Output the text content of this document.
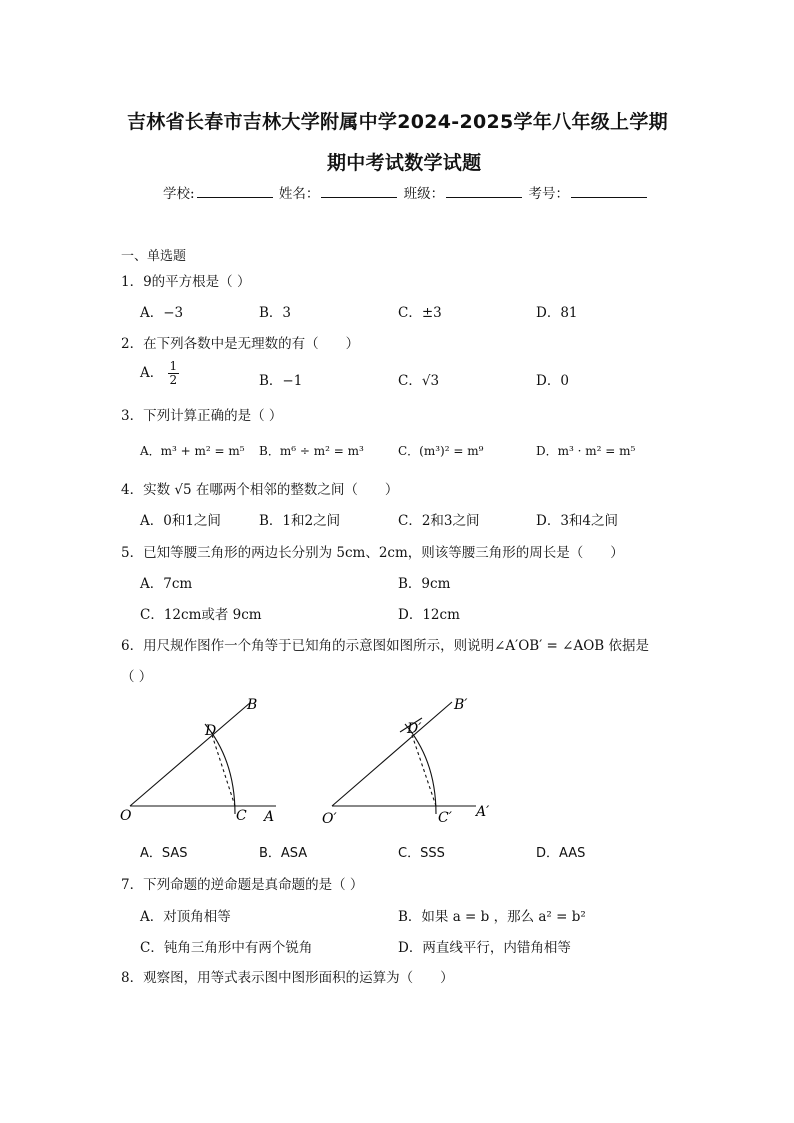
吉林省长春市吉林大学附属中学2024-2025学年八年级上学期
期中考试数学试题
学校:	姓名：	班级：	考号：
一、单选题
1．9的平方根是（ ）
A．−3	B．3	C．±3	D．81
2．在下列各数中是无理数的有（　　）
A． $\frac{1}{2}$	B．−1	C．√3	D．0
3．下列计算正确的是（ ）
A．m³ + m² = m⁵ B．m⁶ ÷ m² = m³	C．(m³)² = m⁹	D．m³ · m² = m⁵
4．实数 √5 在哪两个相邻的整数之间（　　）
A．0和1之间	B．1和2之间	C．2和3之间	D．3和4之间
5．已知等腰三角形的两边长分别为 5cm、2cm，则该等腰三角形的周长是（　　）
A．7cm	B．9cm
C．12cm或者 9cm	D．12cm
6．用尺规作图作一个角等于已知角的示意图如图所示，则说明∠A′OB′ = ∠AOB 依据是
（ ）
B
D
O	C A
B′
D′
O′	C′ A′
A．SAS	B．ASA	C．SSS	D．AAS
7．下列命题的逆命题是真命题的是（ ）
A．对顶角相等	B．如果 a = b ，那么 a² = b²
C．钝角三角形中有两个锐角	D．两直线平行，内错角相等
8．观察图，用等式表示图中图形面积的运算为（　　）
